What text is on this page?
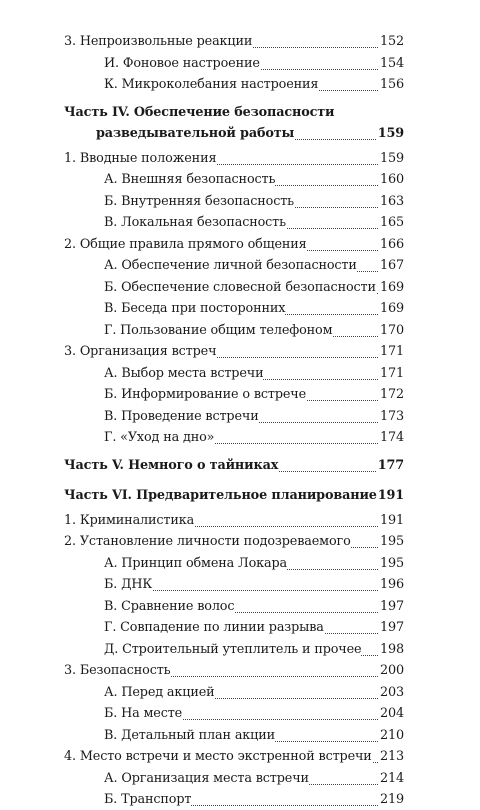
3. Непроизвольные реакции	152
И. Фоновое настроение	154
К. Микроколебания настроения	156
Часть IV. Обеспечение безопасности
разведывательной работы	159
1. Вводные положения	159
А. Внешняя безопасность	160
Б. Внутренняя безопасность	163
В. Локальная безопасность	165
2. Общие правила прямого общения	166
А. Обеспечение личной безопасности 167
Б. Обеспечение словесной безопасности 169
В. Беседа при посторонних	169
Г. Пользование общим телефоном	170
3. Организация встреч	171
А. Выбор места встречи	171
Б. Информирование о встрече	172
В. Проведение встречи	173
Г. «Уход на дно»	174
Часть V. Немного о тайниках	177
Часть VI. Предварительное планирование 191
1. Криминалистика	191
2. Установление личности подозреваемого 195
А. Принцип обмена Локара	195
Б. ДНК	196
В. Сравнение волос	197
Г. Совпадение по линии разрыва	197
Д. Строительный утеплитель и прочее 198
3. Безопасность	200
А. Перед акцией	203
Б. На месте	204
В. Детальный план акции	210
4. Место встречи и место экстренной встречи 213
А. Организация места встречи	214
Б. Транспорт	219
